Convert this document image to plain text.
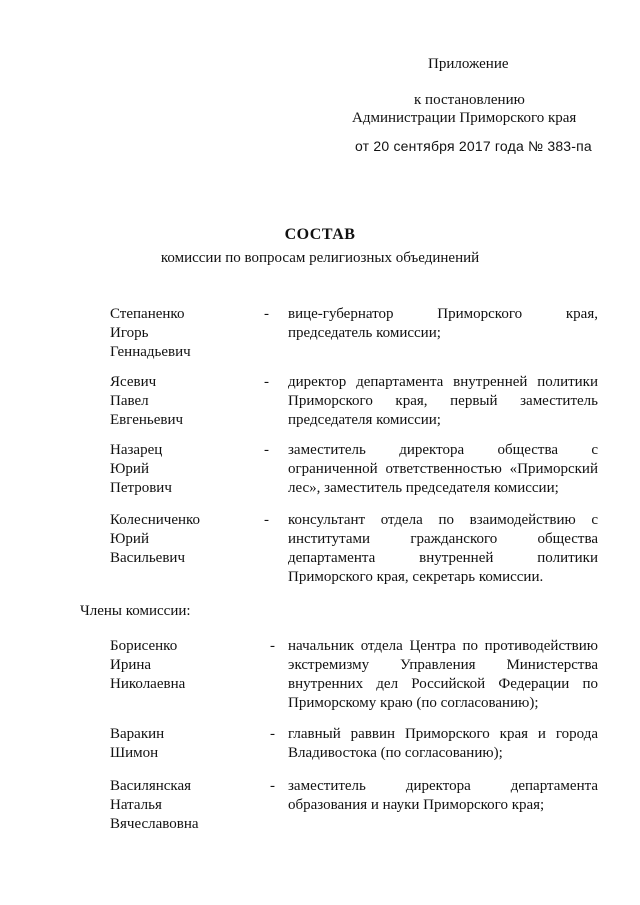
Приложение
к постановлению
Администрации Приморского края
от 20 сентября 2017 года № 383-па
СОСТАВ
комиссии по вопросам религиозных объединений
Степаненко
Игорь
Геннадьевич
- вице-губернатор Приморского края, председатель комиссии;
Ясевич
Павел
Евгеньевич
- директор департамента внутренней политики Приморского края, первый заместитель председателя комиссии;
Назарец
Юрий
Петрович
- заместитель директора общества с ограниченной ответственностью «Приморский лес», заместитель председателя комиссии;
Колесниченко
Юрий
Васильевич
- консультант отдела по взаимодействию с институтами гражданского общества департамента внутренней политики Приморского края, секретарь комиссии.
Члены комиссии:
Борисенко
Ирина
Николаевна
- начальник отдела Центра по противодействию экстремизму Управления Министерства внутренних дел Российской Федерации по Приморскому краю (по согласованию);
Варакин
Шимон
- главный раввин Приморского края и города Владивостока (по согласованию);
Василянская
Наталья
Вячеславовна
- заместитель директора департамента образования и науки Приморского края;
